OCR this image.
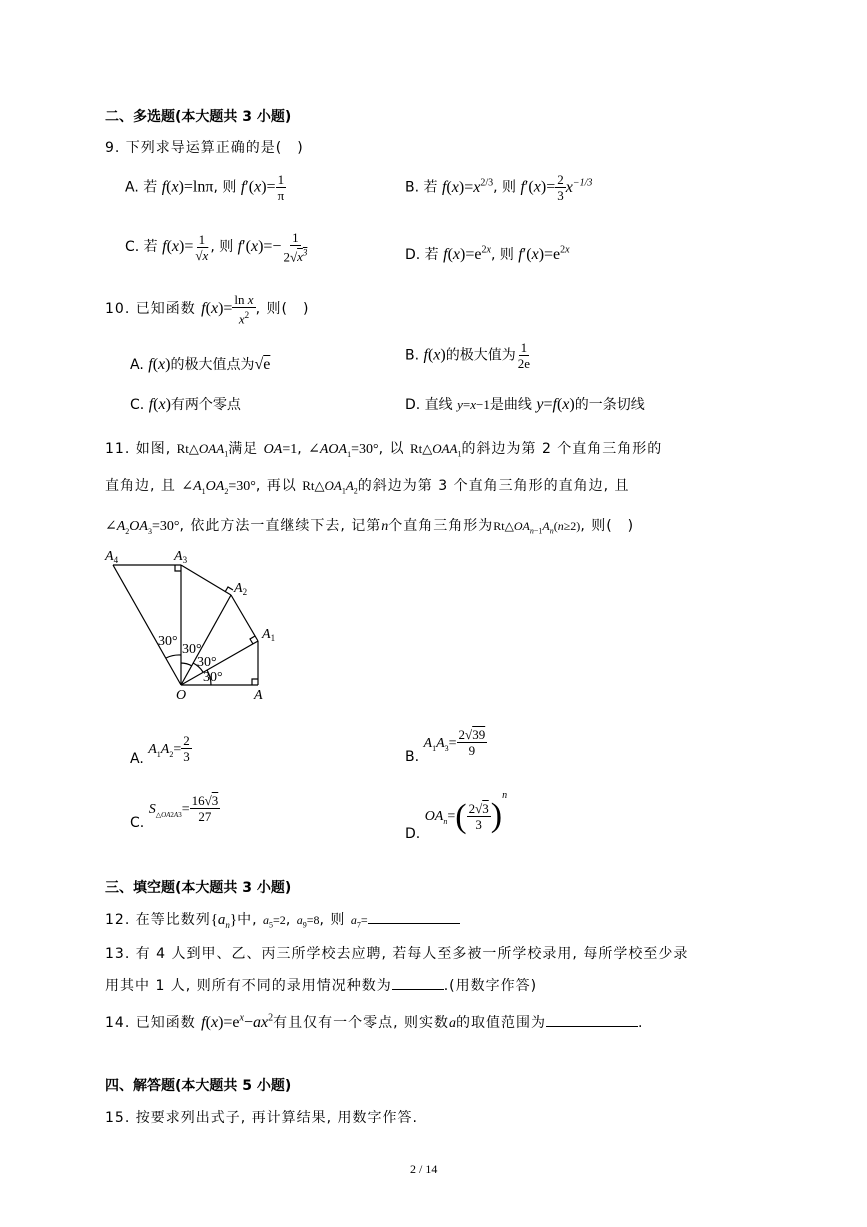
二、多选题(本大题共 3 小题)
9. 下列求导运算正确的是(　)
A. 若 f(x)=lnπ, 则 $f'(x)= \frac{1}{\pi}$	B. 若 $f(x)=x^{2/3}$, 则 $f'(x)= \frac{2}{3} x^{-1/3}$
C. 若 $f(x)= \frac{1}{√x}$ , 则 $f'(x)=- \frac{1}{2√x^3}$	D. 若 $f(x)=e^{2x}$, 则 $f'(x)=e^{2x}$
10. 已知函数 $f(x)= \frac{\text{ln x}}{x^2}$ , 则(　)
A. f(x)的极大值点为√e
B. f(x)的极大值为 $\frac{1}{2e}$
C. f(x)有两个零点	D. 直线 y=x−1是曲线 y=f(x)的一条切线
11. 如图, $Rt\triangle OAA_1$满足 OA=1, $\angle AOA_1=30^\circ$, 以 $Rt\triangle OAA_1$的斜边为第 2 个直角三角形的
直角边, 且 $\angle A_1OA_2=30^\circ$, 再以 $Rt\triangle OA_1A_2$的斜边为第 3 个直角三角形的直角边, 且
$\angle A_2OA_3=30^\circ$, 依此方法一直继续下去, 记第n个直角三角形为$Rt\triangle OA_{n-1}A_n(n\ge 2)$, 则(　)
$A_4$	$A_3$
$A_2$
$A_1$
O	A
30°
30°
30°
30°
A. $A_1A_2= \frac{2}{3}$	B. $A_1A_3= \frac{2√39}{9}$
C. $S_{\triangle OA2A3}= \frac{16√3}{27}$
D. $OA_n=( \frac{2√3}{3} )^n$
三、填空题(本大题共 3 小题)
12. 在等比数列$\{a_n\}$中, $a_5=2$, $a_9=8$, 则 $a_7=$
13. 有 4 人到甲、乙、丙三所学校去应聘, 若每人至多被一所学校录用, 每所学校至少录
用其中 1 人, 则所有不同的录用情况种数为	.(用数字作答)
14. 已知函数 $f(x)=e^x-ax^2$有且仅有一个零点, 则实数a的取值范围为	.
四、解答题(本大题共 5 小题)
15. 按要求列出式子, 再计算结果, 用数字作答.
2 / 14
